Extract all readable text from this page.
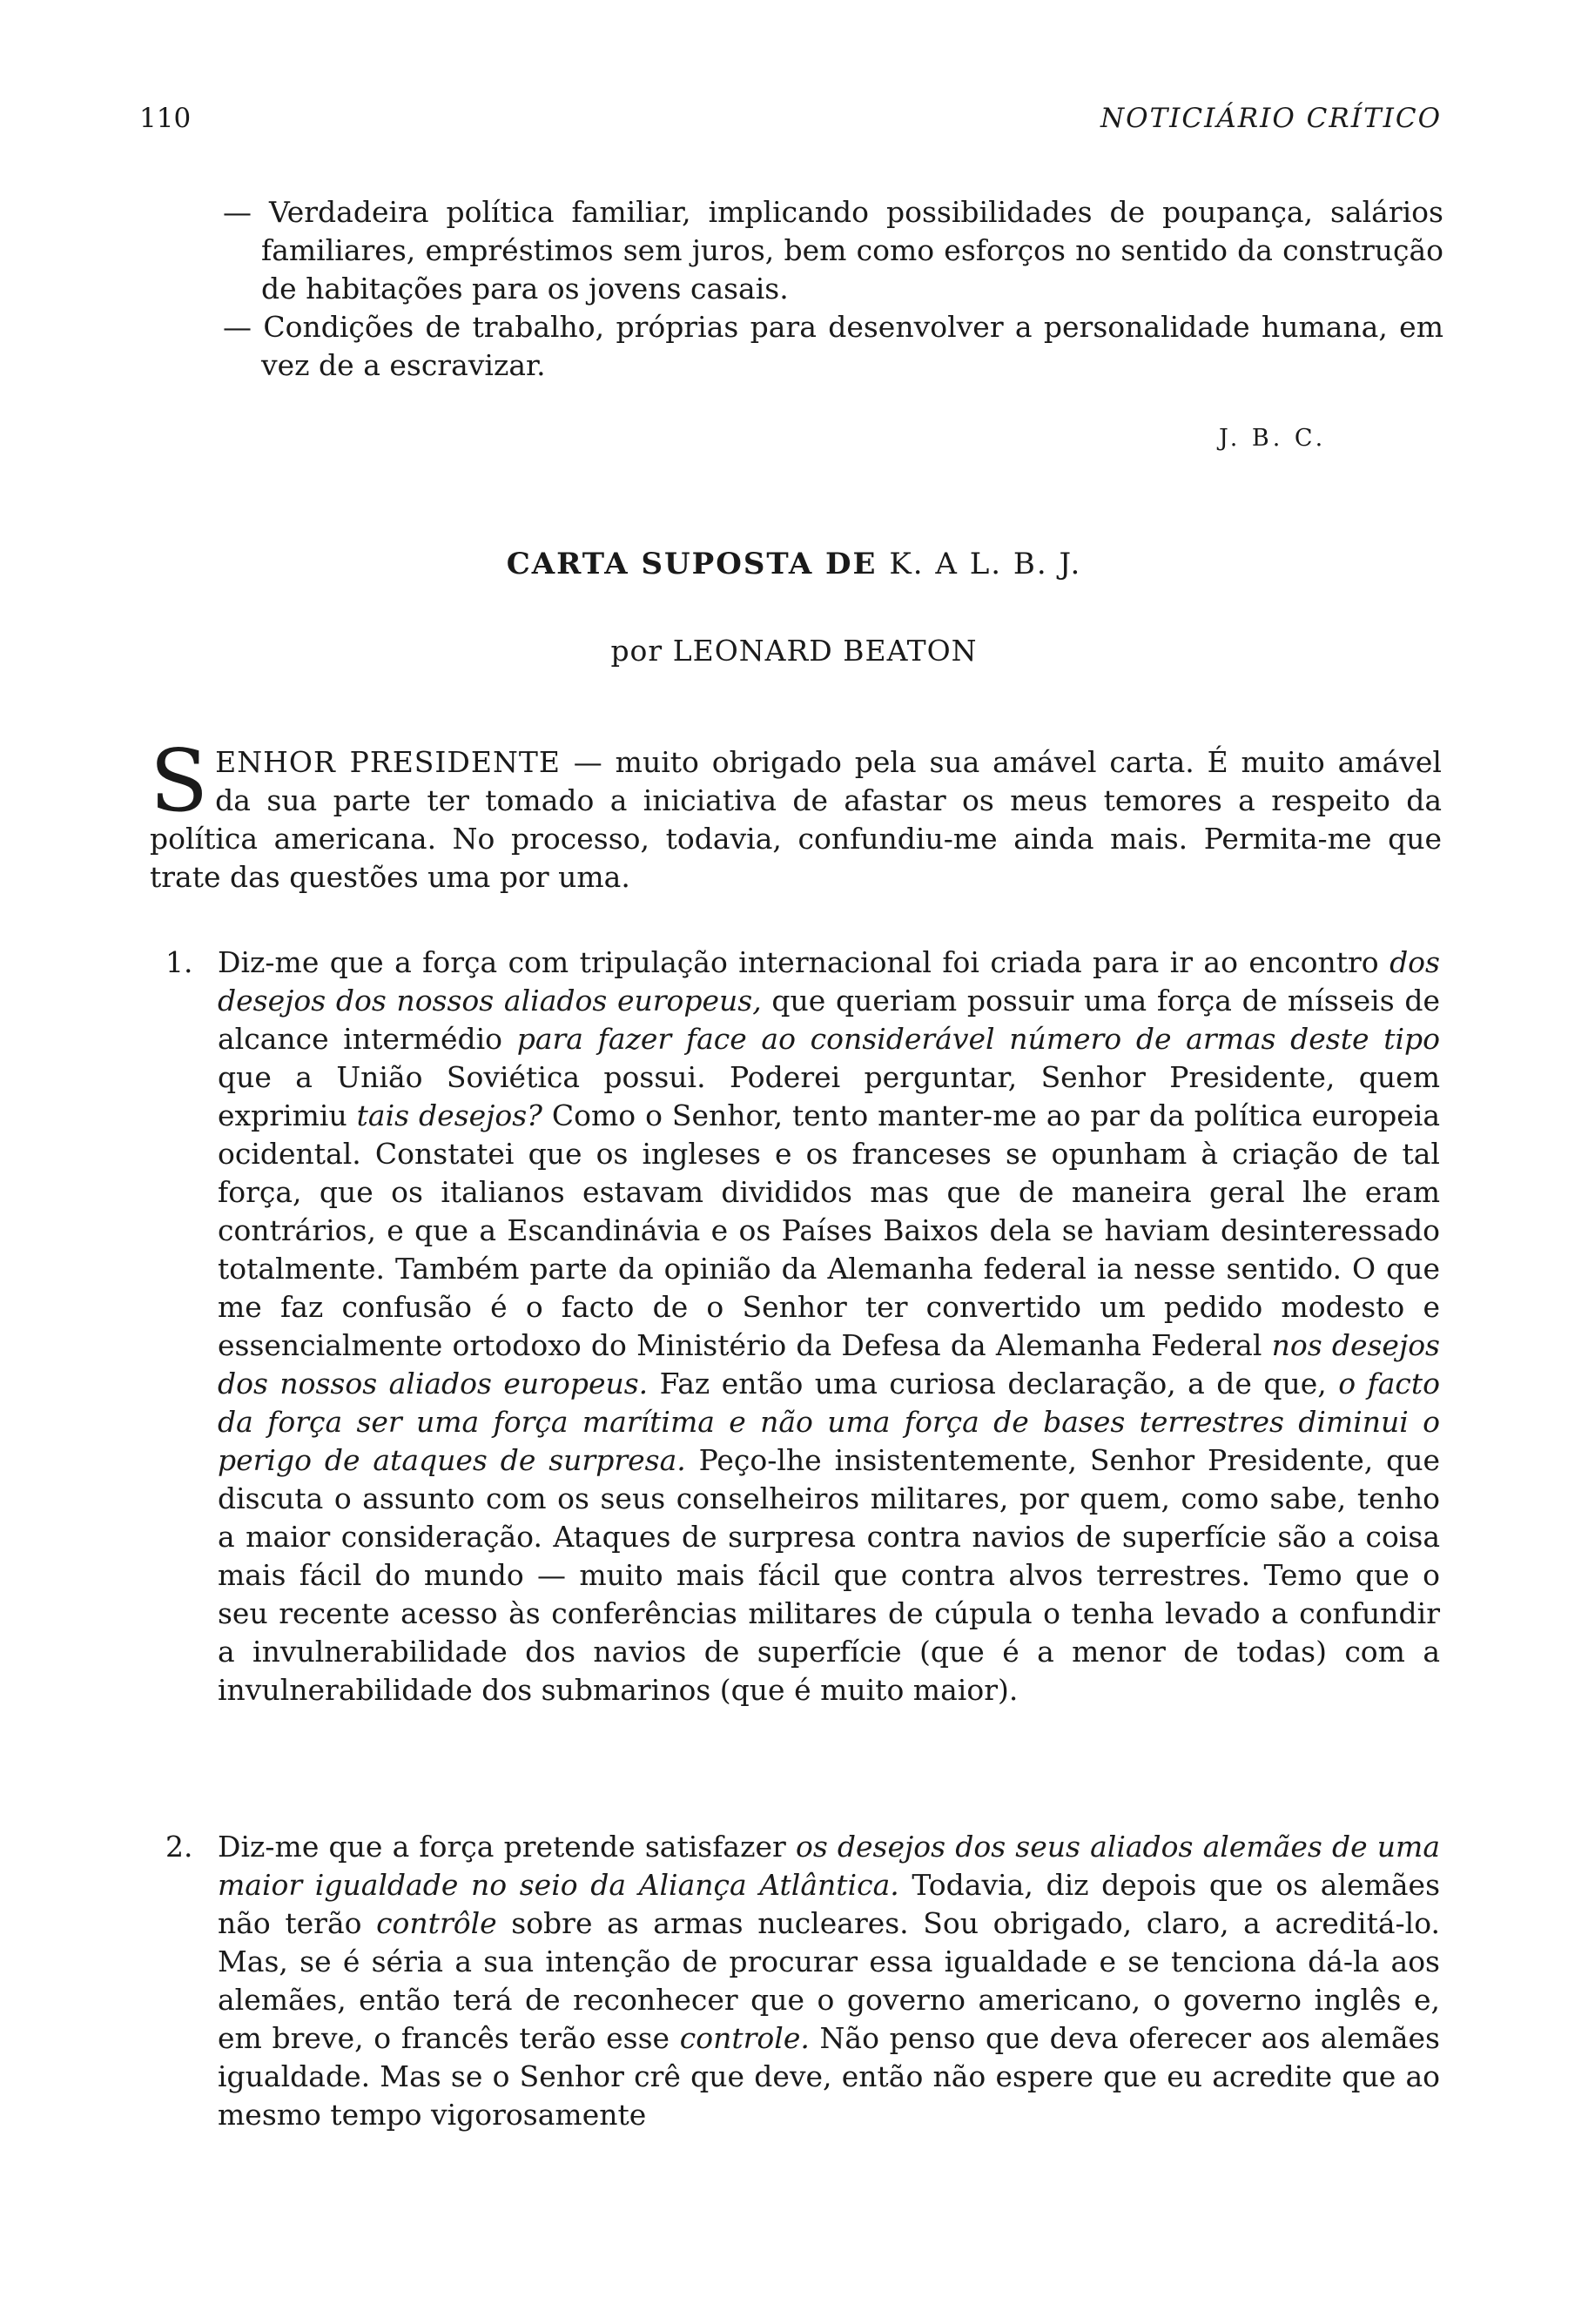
110	NOTICIÁRIO CRÍTICO

— Verdadeira política familiar, implicando possibilidades de poupança, salários familiares, empréstimos sem juros, bem como esforços no sentido da construção de habitações para os jovens casais.

— Condições de trabalho, próprias para desenvolver a personalidade humana, em vez de a escravizar.

J. B. C.
CARTA SUPOSTA DE K. A L. B. J.
por LEONARD BEATON
SENHOR PRESIDENTE — muito obrigado pela sua amável carta. É muito amável da sua parte ter tomado a iniciativa de afastar os meus temores a respeito da política americana. No processo, todavia, confundiu-me ainda mais. Permita-me que trate das questões uma por uma.
1. Diz-me que a força com tripulação internacional foi criada para ir ao encontro dos desejos dos nossos aliados europeus, que queriam possuir uma força de mísseis de alcance intermédio para fazer face ao considerável número de armas deste tipo que a União Soviética possui. Poderei perguntar, Senhor Presidente, quem exprimiu tais desejos? Como o Senhor, tento manter-me ao par da política europeia ocidental. Constatei que os ingleses e os franceses se opunham à criação de tal força, que os italianos estavam divididos mas que de maneira geral lhe eram contrários, e que a Escandinávia e os Países Baixos dela se haviam desinteressado totalmente. Também parte da opinião da Alemanha federal ia nesse sentido. O que me faz confusão é o facto de o Senhor ter convertido um pedido modesto e essencialmente ortodoxo do Ministério da Defesa da Alemanha Federal nos desejos dos nossos aliados europeus. Faz então uma curiosa declaração, a de que, o facto da força ser uma força marítima e não uma força de bases terrestres diminui o perigo de ataques de surpresa. Peço-lhe insistentemente, Senhor Presidente, que discuta o assunto com os seus conselheiros militares, por quem, como sabe, tenho a maior consideração. Ataques de surpresa contra navios de superfície são a coisa mais fácil do mundo — muito mais fácil que contra alvos terrestres. Temo que o seu recente acesso às conferências militares de cúpula o tenha levado a confundir a invulnerabilidade dos navios de superfície (que é a menor de todas) com a invulnerabilidade dos submarinos (que é muito maior).

2. Diz-me que a força pretende satisfazer os desejos dos seus aliados alemães de uma maior igualdade no seio da Aliança Atlântica. Todavia, diz depois que os alemães não terão contrôle sobre as armas nucleares. Sou obrigado, claro, a acreditá-lo. Mas, se é séria a sua intenção de procurar essa igualdade e se tenciona dá-la aos alemães, então terá de reconhecer que o governo americano, o governo inglês e, em breve, o francês terão esse controle. Não penso que deva oferecer aos alemães igualdade. Mas se o Senhor crê que deve, então não espere que eu acredite que ao mesmo tempo vigorosamente
